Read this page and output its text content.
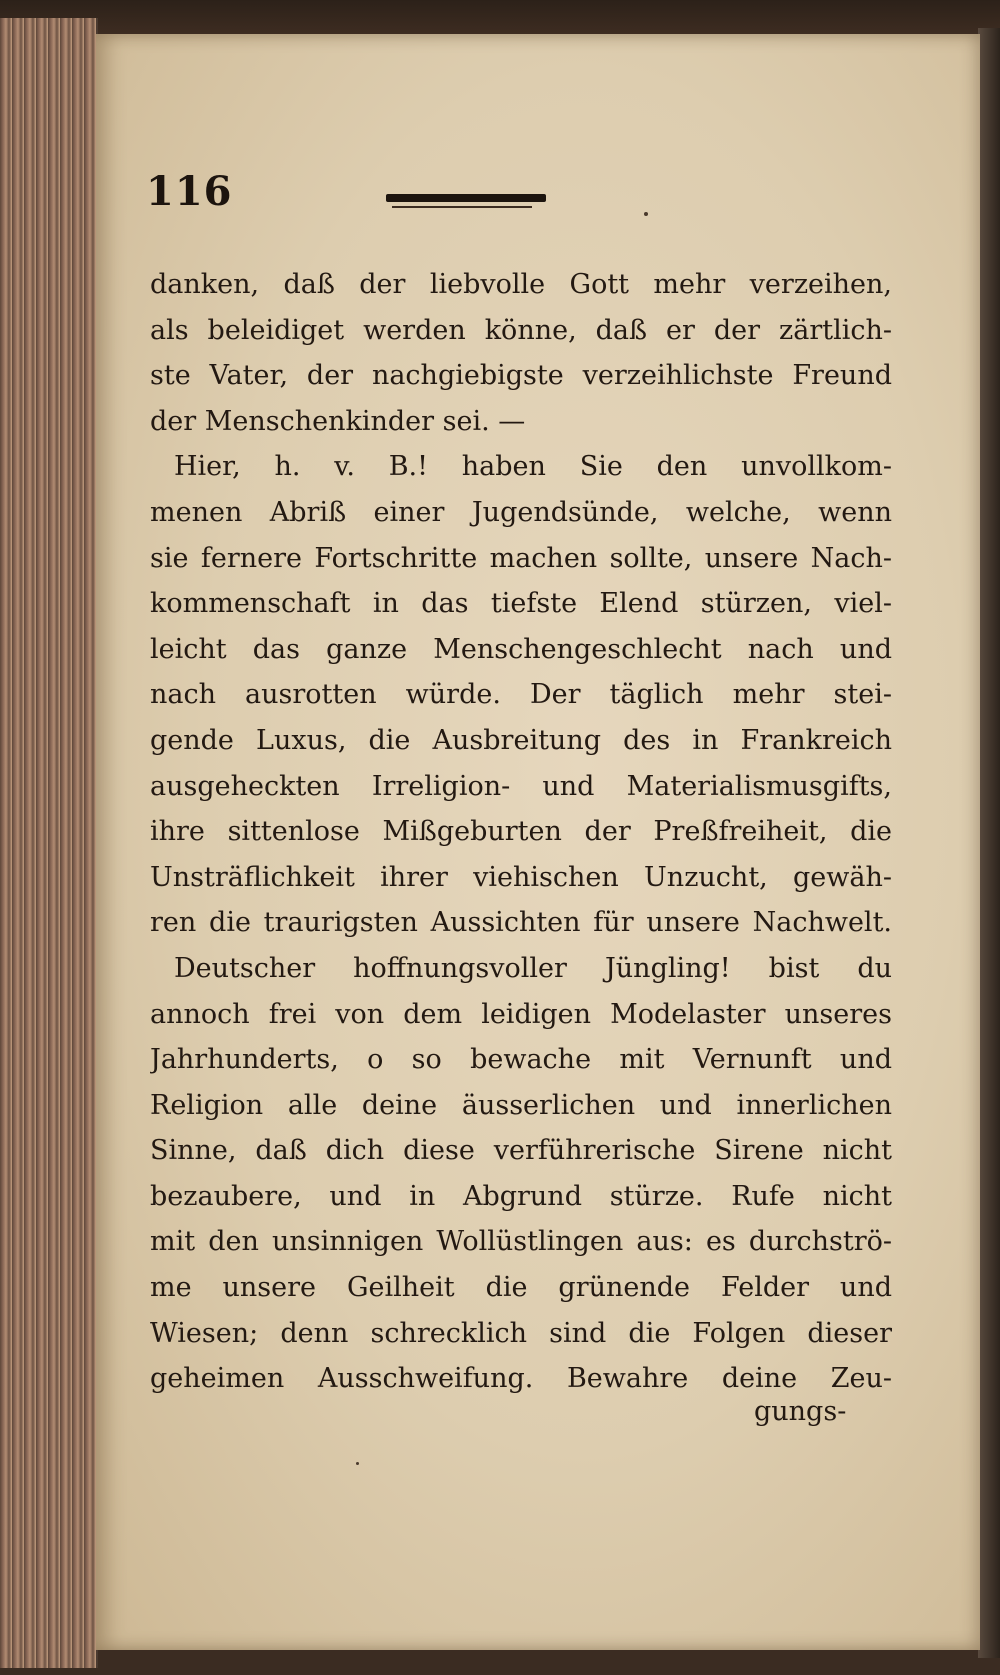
116
danken, daß der liebvolle Gott mehr verzeihen,
als beleidiget werden könne, daß er der zärtlich-
ste Vater, der nachgiebigste verzeihlichste Freund
der Menschenkinder sei. —
Hier, h. v. B.! haben Sie den unvollkom-
menen Abriß einer Jugendsünde, welche, wenn
sie fernere Fortschritte machen sollte, unsere Nach-
kommenschaft in das tiefste Elend stürzen, viel-
leicht das ganze Menschengeschlecht nach und
nach ausrotten würde. Der täglich mehr stei-
gende Luxus, die Ausbreitung des in Frankreich
ausgeheckten Irreligion- und Materialismusgifts,
ihre sittenlose Mißgeburten der Preßfreiheit, die
Unsträflichkeit ihrer viehischen Unzucht, gewäh-
ren die traurigsten Aussichten für unsere Nachwelt.
Deutscher hoffnungsvoller Jüngling! bist du
annoch frei von dem leidigen Modelaster unseres
Jahrhunderts, o so bewache mit Vernunft und
Religion alle deine äusserlichen und innerlichen
Sinne, daß dich diese verführerische Sirene nicht
bezaubere, und in Abgrund stürze. Rufe nicht
mit den unsinnigen Wollüstlingen aus: es durchströ-
me unsere Geilheit die grünende Felder und
Wiesen; denn schrecklich sind die Folgen dieser
geheimen Ausschweifung. Bewahre deine Zeu-
gungs-
